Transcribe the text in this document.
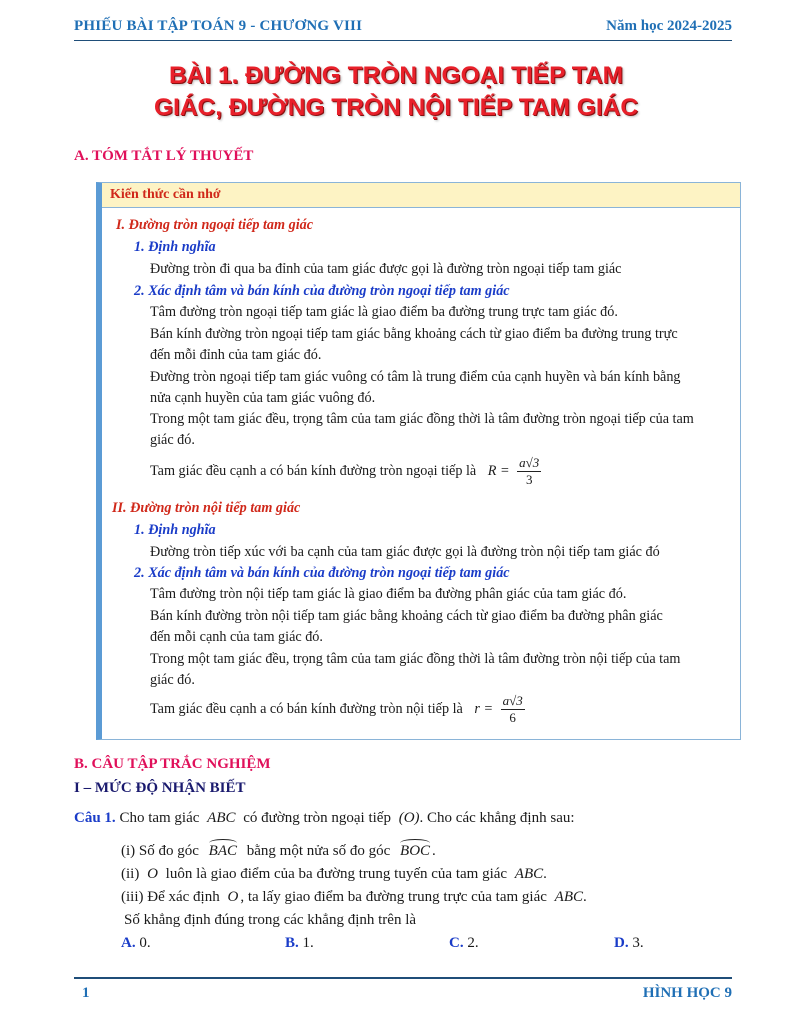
PHIẾU BÀI TẬP TOÁN 9 - CHƯƠNG VIII	Năm học 2024-2025
BÀI 1. ĐƯỜNG TRÒN NGOẠI TIẾP TAM
GIÁC, ĐƯỜNG TRÒN NỘI TIẾP TAM GIÁC
A. TÓM TẮT LÝ THUYẾT
Kiến thức cần nhớ
I. Đường tròn ngoại tiếp tam giác
1. Định nghĩa
Đường tròn đi qua ba đỉnh của tam giác được gọi là đường tròn ngoại tiếp tam giác
2. Xác định tâm và bán kính của đường tròn ngoại tiếp tam giác
Tâm đường tròn ngoại tiếp tam giác là giao điểm ba đường trung trực tam giác đó.
Bán kính đường tròn ngoại tiếp tam giác bằng khoảng cách từ giao điểm ba đường trung trực
đến mỗi đỉnh của tam giác đó.
Đường tròn ngoại tiếp tam giác vuông có tâm là trung điểm của cạnh huyền và bán kính bằng
nửa cạnh huyền của tam giác vuông đó.
Trong một tam giác đều, trọng tâm của tam giác đồng thời là tâm đường tròn ngoại tiếp của tam
giác đó.
Tam giác đều cạnh a có bán kính đường tròn ngoại tiếp là $R = \frac{a√3}{3}$
II. Đường tròn nội tiếp tam giác
1. Định nghĩa
Đường tròn tiếp xúc với ba cạnh của tam giác được gọi là đường tròn nội tiếp tam giác đó
2. Xác định tâm và bán kính của đường tròn ngoại tiếp tam giác
Tâm đường tròn nội tiếp tam giác là giao điểm ba đường phân giác của tam giác đó.
Bán kính đường tròn nội tiếp tam giác bằng khoảng cách từ giao điểm ba đường phân giác
đến mỗi cạnh của tam giác đó.
Trong một tam giác đều, trọng tâm của tam giác đồng thời là tâm đường tròn nội tiếp của tam
giác đó.
Tam giác đều cạnh a có bán kính đường tròn nội tiếp là $r = \frac{a√3}{6}$
B. CÂU TẬP TRẮC NGHIỆM
I – MỨC ĐỘ NHẬN BIẾT
Câu 1. Cho tam giác ABC có đường tròn ngoại tiếp (O). Cho các khẳng định sau:
(i) Số đo góc BAC bằng một nửa số đo góc BOC .
(ii) O luôn là giao điểm của ba đường trung tuyến của tam giác ABC.
(iii) Để xác định O , ta lấy giao điểm ba đường trung trực của tam giác ABC.
Số khẳng định đúng trong các khẳng định trên là
A. 0.	B. 1.	C. 2.	D. 3.
1	HÌNH HỌC 9
